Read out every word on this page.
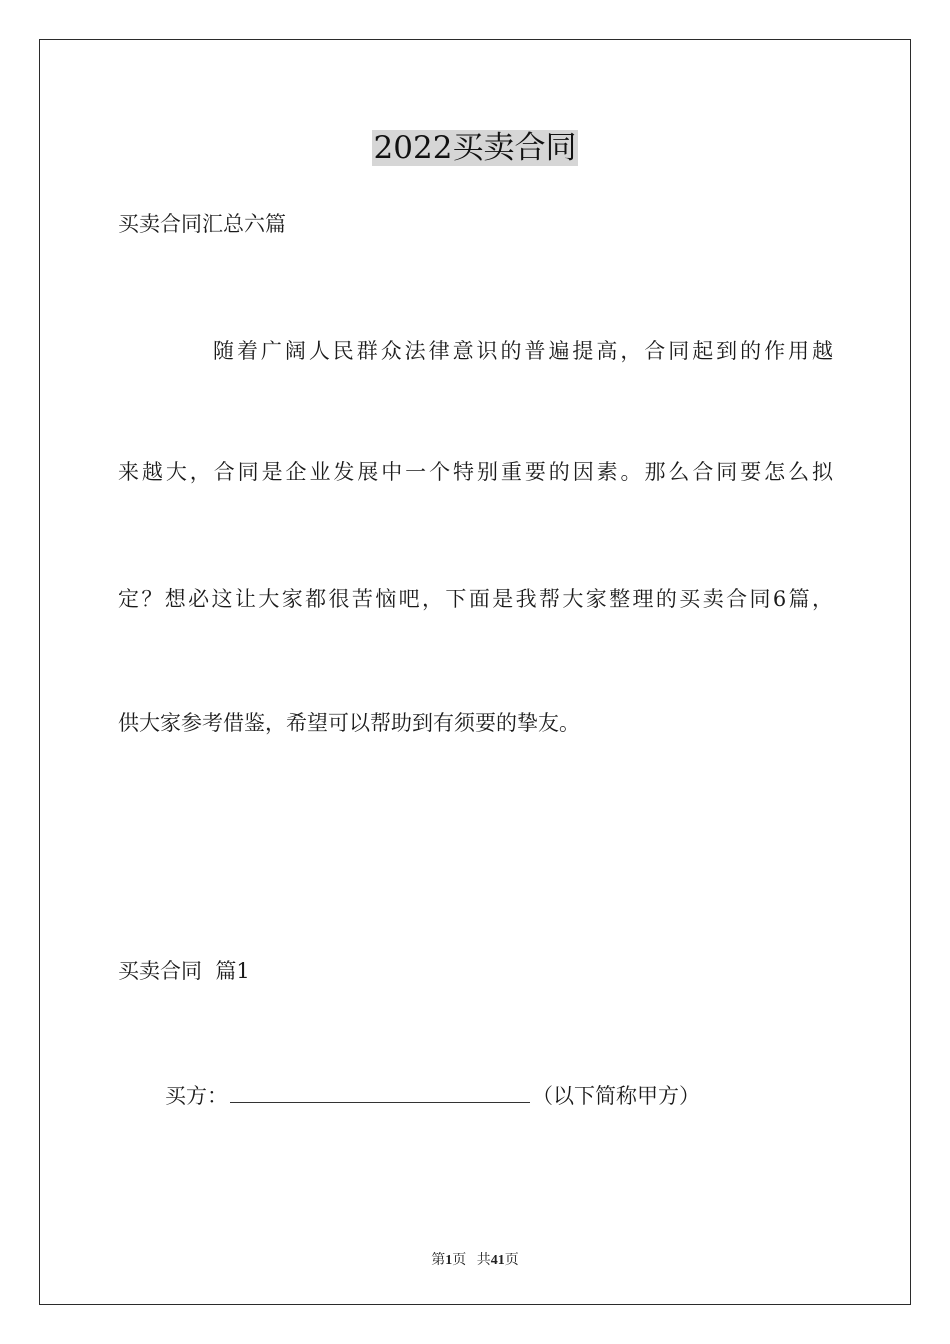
2022买卖合同
买卖合同汇总六篇
随着广阔人民群众法律意识的普遍提高，合同起到的作用越
来越大，合同是企业发展中一个特别重要的因素。那么合同要怎么拟
定？想必这让大家都很苦恼吧，下面是我帮大家整理的买卖合同6篇，
供大家参考借鉴，希望可以帮助到有须要的挚友。
买卖合同  篇1
买方：	（以下简称甲方）
第1页 共41页
